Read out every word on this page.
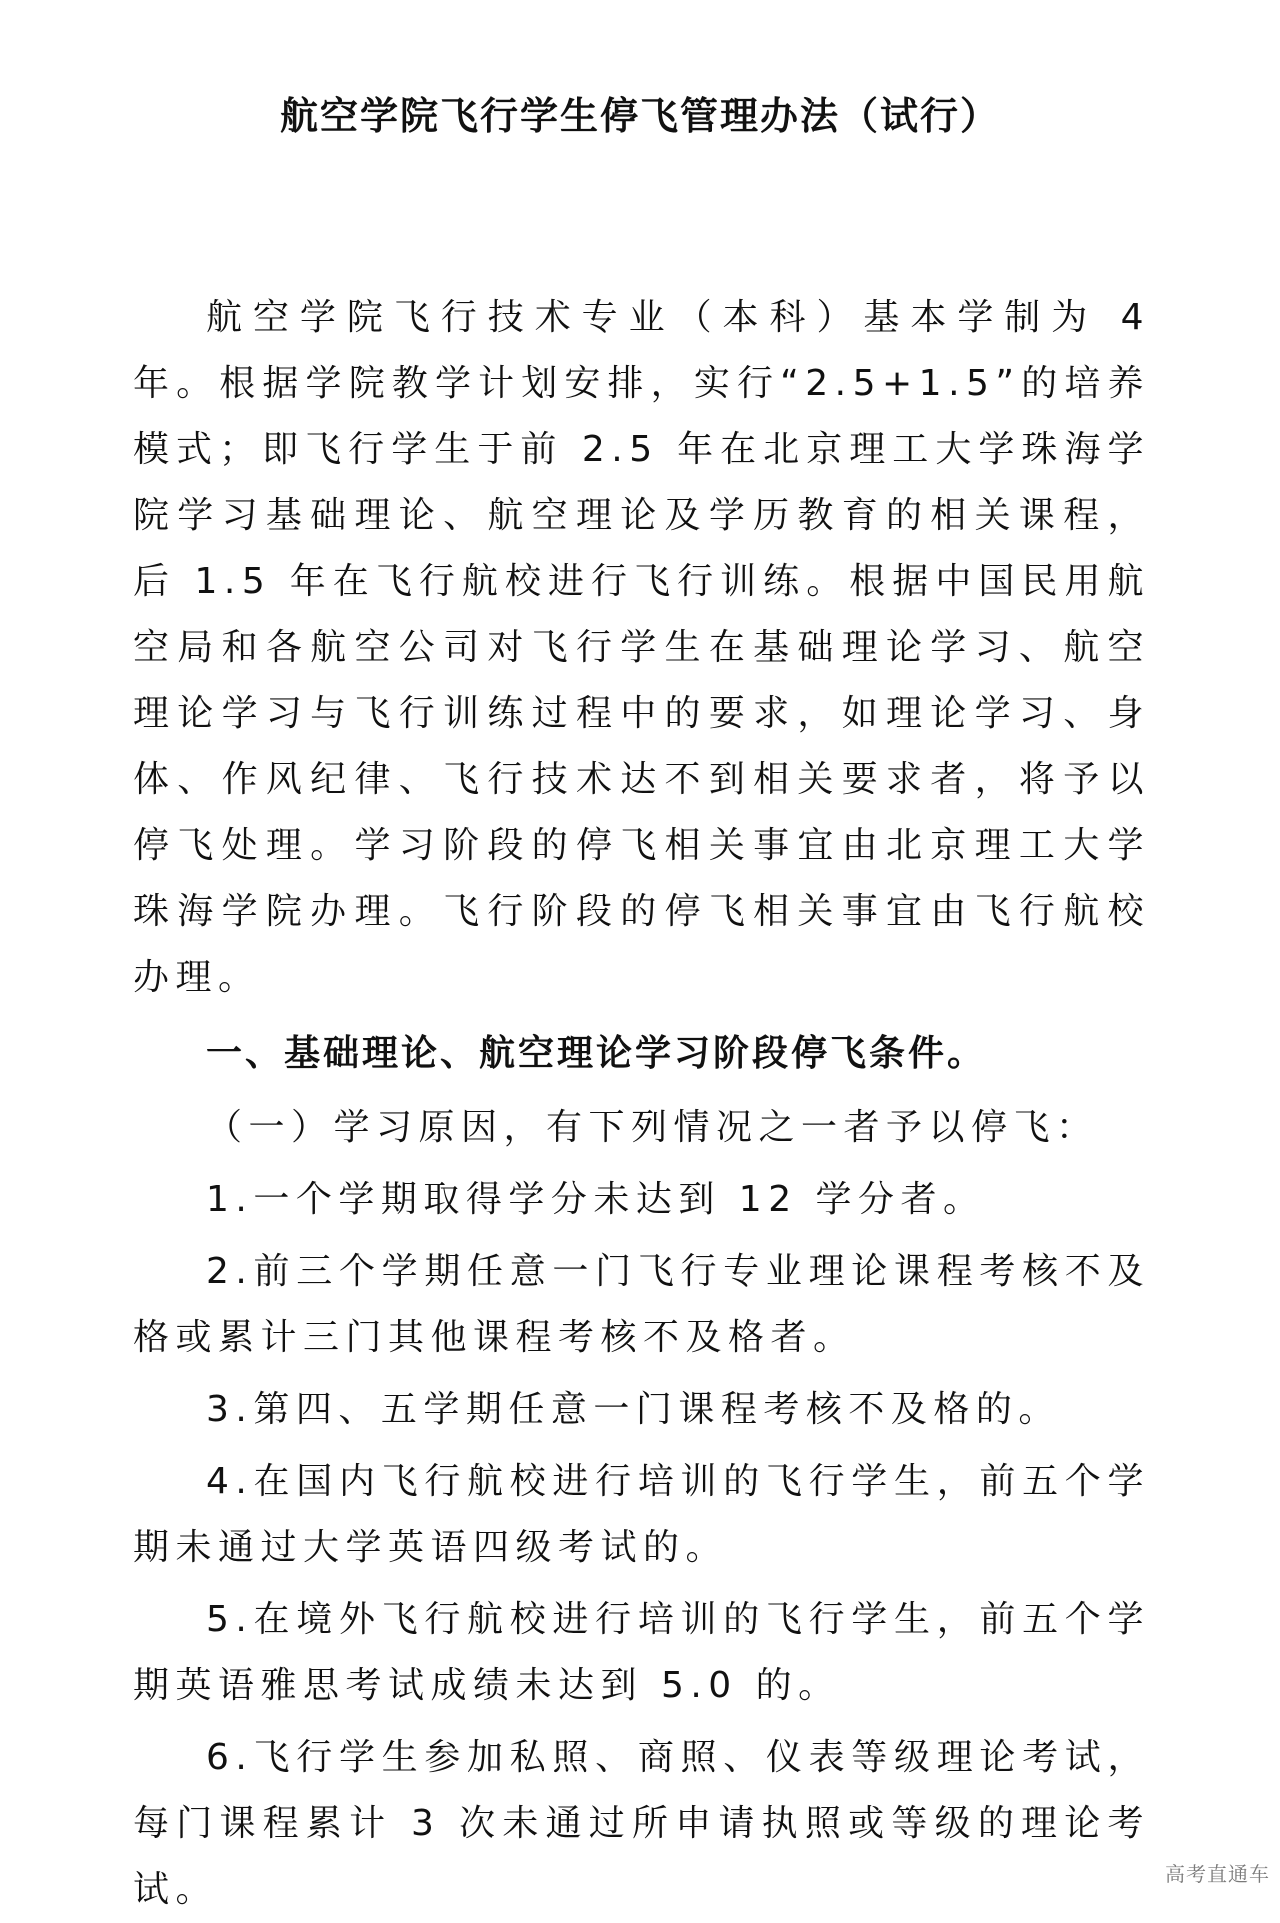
航空学院飞行学生停飞管理办法（试行）

航空学院飞行技术专业（本科）基本学制为 4 年。根据学院教学计划安排，实行“2.5+1.5”的培养模式；即飞行学生于前 2.5 年在北京理工大学珠海学院学习基础理论、航空理论及学历教育的相关课程，后 1.5 年在飞行航校进行飞行训练。根据中国民用航空局和各航空公司对飞行学生在基础理论学习、航空理论学习与飞行训练过程中的要求，如理论学习、身体、作风纪律、飞行技术达不到相关要求者，将予以停飞处理。学习阶段的停飞相关事宜由北京理工大学珠海学院办理。飞行阶段的停飞相关事宜由飞行航校办理。

一、基础理论、航空理论学习阶段停飞条件。

（一）学习原因，有下列情况之一者予以停飞：

1.一个学期取得学分未达到 12 学分者。

2.前三个学期任意一门飞行专业理论课程考核不及格或累计三门其他课程考核不及格者。

3.第四、五学期任意一门课程考核不及格的。

4.在国内飞行航校进行培训的飞行学生，前五个学期未通过大学英语四级考试的。

5.在境外飞行航校进行培训的飞行学生，前五个学期英语雅思考试成绩未达到 5.0 的。

6.飞行学生参加私照、商照、仪表等级理论考试，每门课程累计 3 次未通过所申请执照或等级的理论考试。	高考直通车
